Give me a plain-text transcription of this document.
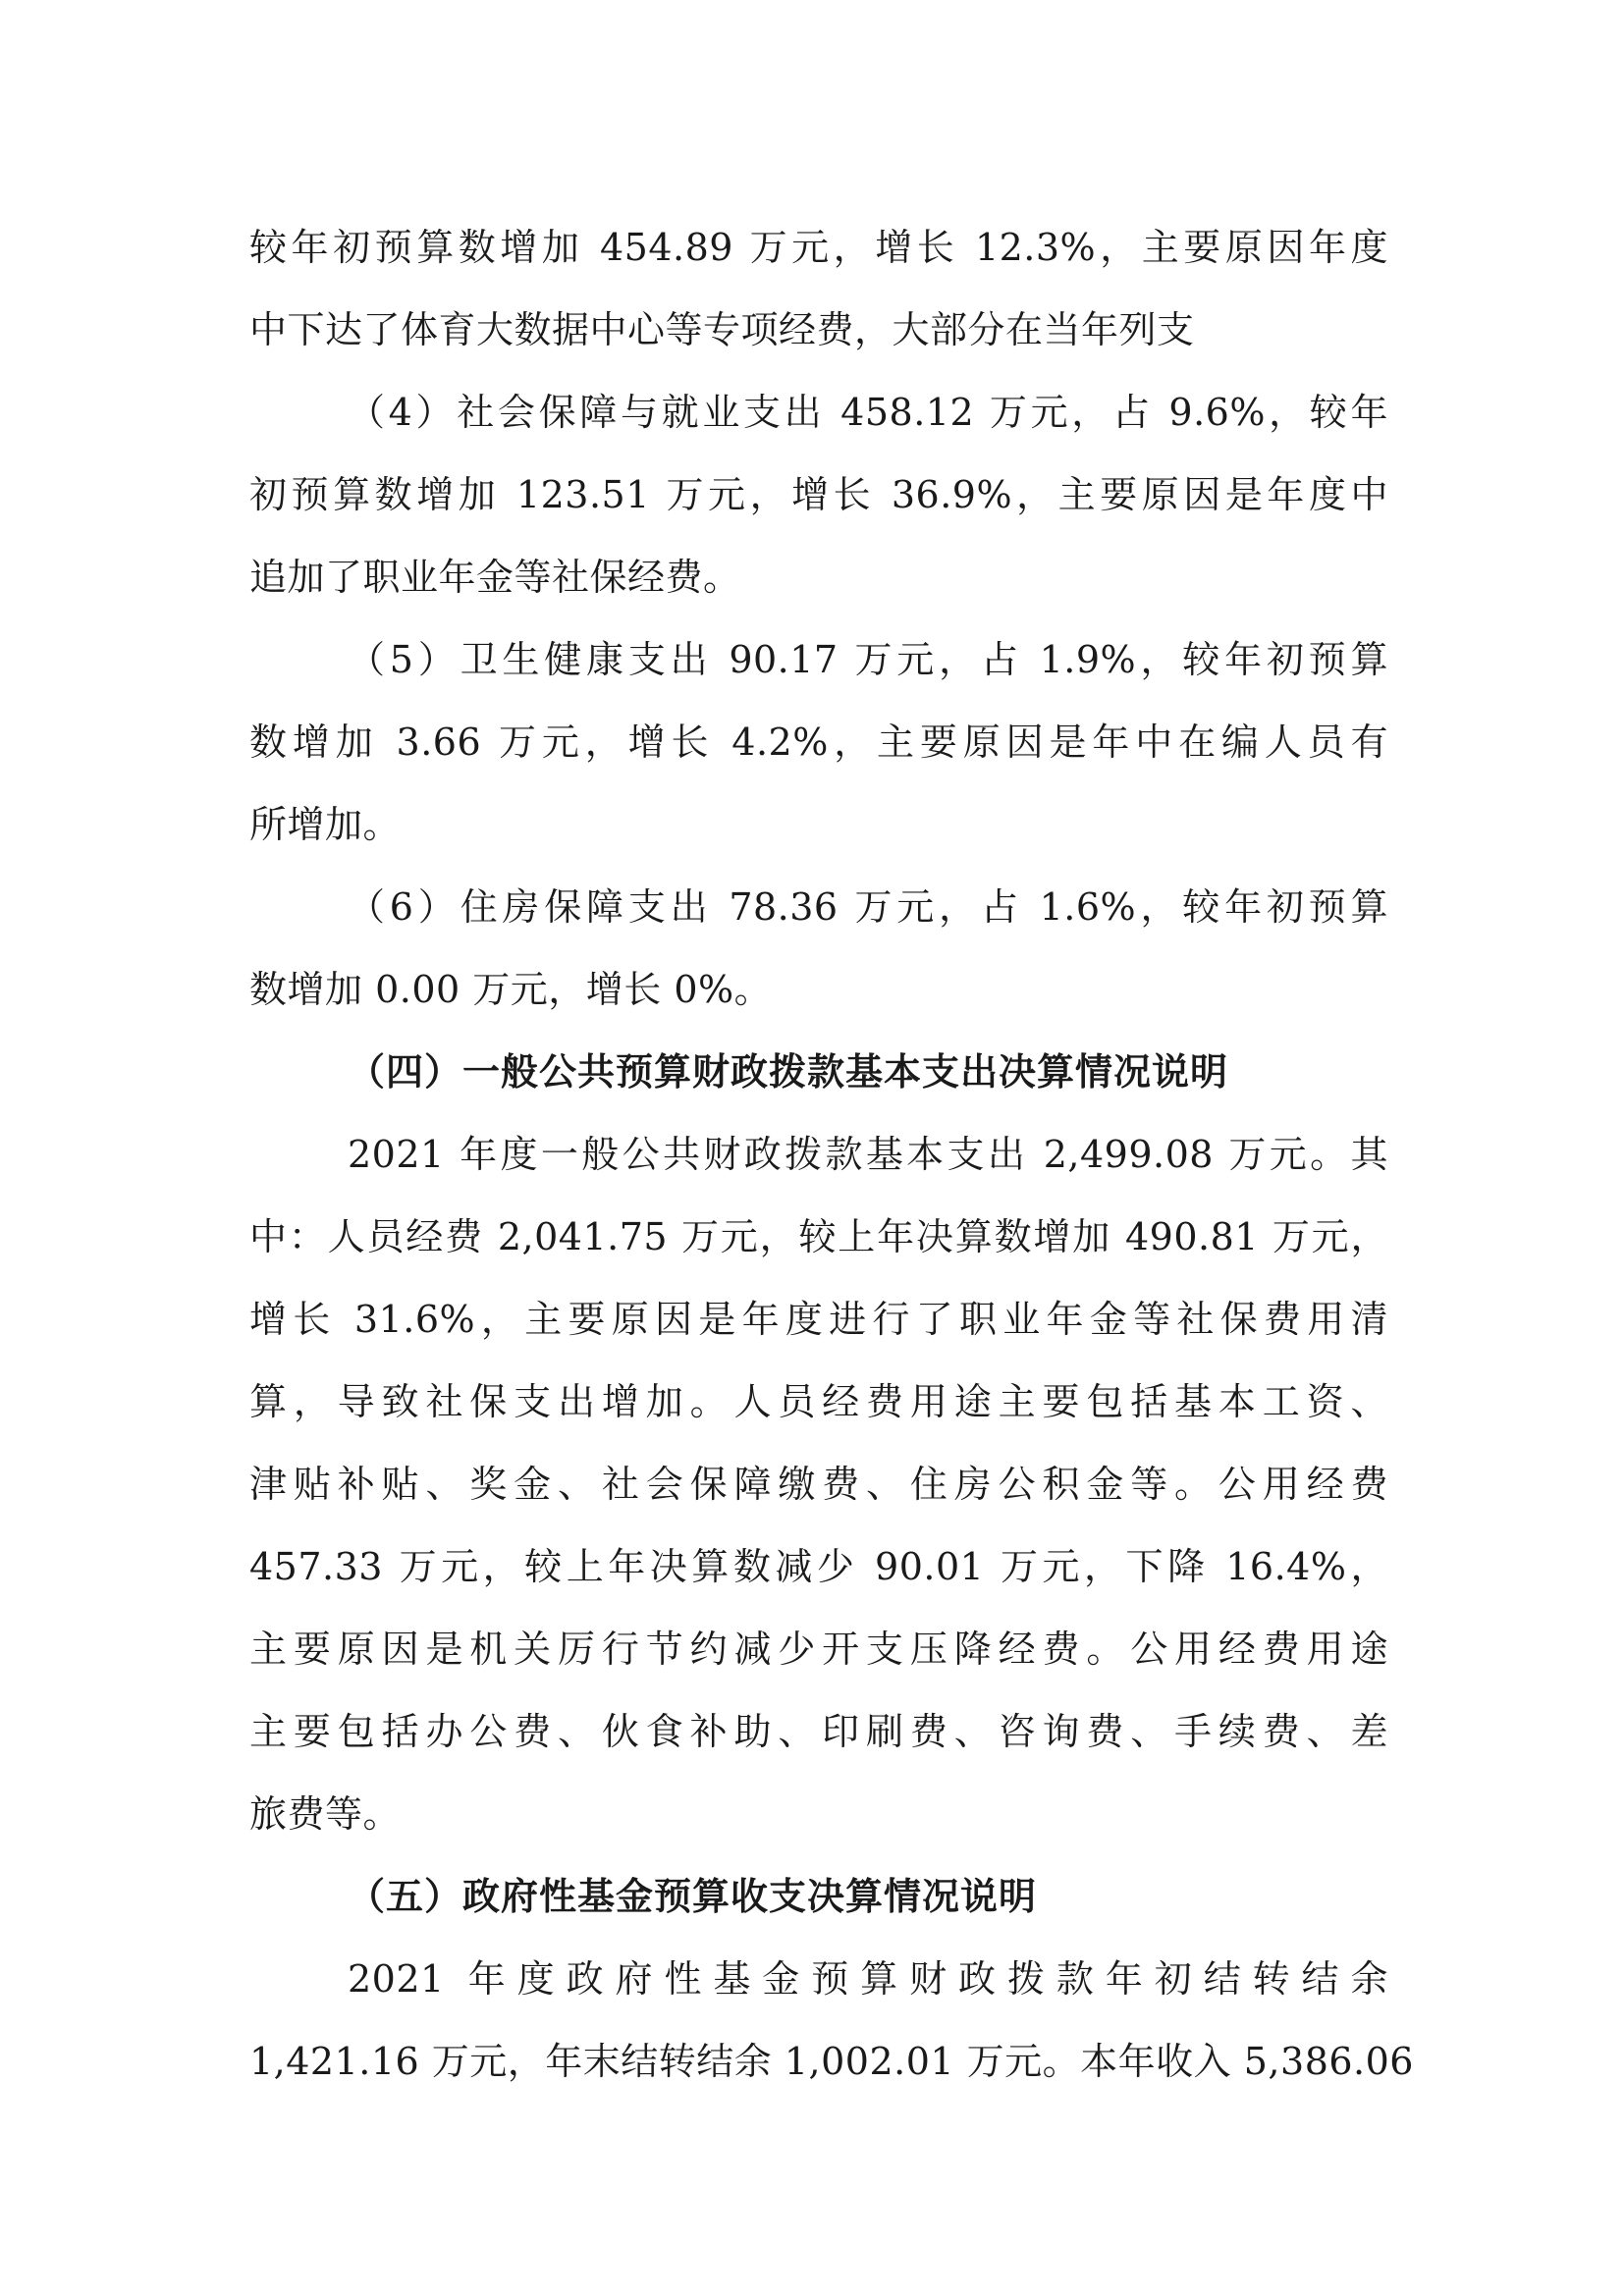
较年初预算数增加 454.89 万元，增长 12.3%，主要原因年度
中下达了体育大数据中心等专项经费，大部分在当年列支
（4）社会保障与就业支出 458.12 万元，占 9.6%，较年
初预算数增加 123.51 万元，增长 36.9%，主要原因是年度中
追加了职业年金等社保经费。
（5）卫生健康支出 90.17 万元，占 1.9%，较年初预算
数增加 3.66 万元，增长 4.2%，主要原因是年中在编人员有
所增加。
（6）住房保障支出 78.36 万元，占 1.6%，较年初预算
数增加 0.00 万元，增长 0%。
（四）一般公共预算财政拨款基本支出决算情况说明
2021 年度一般公共财政拨款基本支出 2,499.08 万元。其
中：人员经费 2,041.75 万元，较上年决算数增加 490.81 万元，
增长 31.6%，主要原因是年度进行了职业年金等社保费用清
算，导致社保支出增加。人员经费用途主要包括基本工资、
津贴补贴、奖金、社会保障缴费、住房公积金等。公用经费
457.33 万元，较上年决算数减少 90.01 万元，下降 16.4%，
主要原因是机关厉行节约减少开支压降经费。公用经费用途
主要包括办公费、伙食补助、印刷费、咨询费、手续费、差
旅费等。
（五）政府性基金预算收支决算情况说明
2021 年度政府性基金预算财政拨款年初结转结余
1,421.16 万元，年末结转结余 1,002.01 万元。本年收入 5,386.06
